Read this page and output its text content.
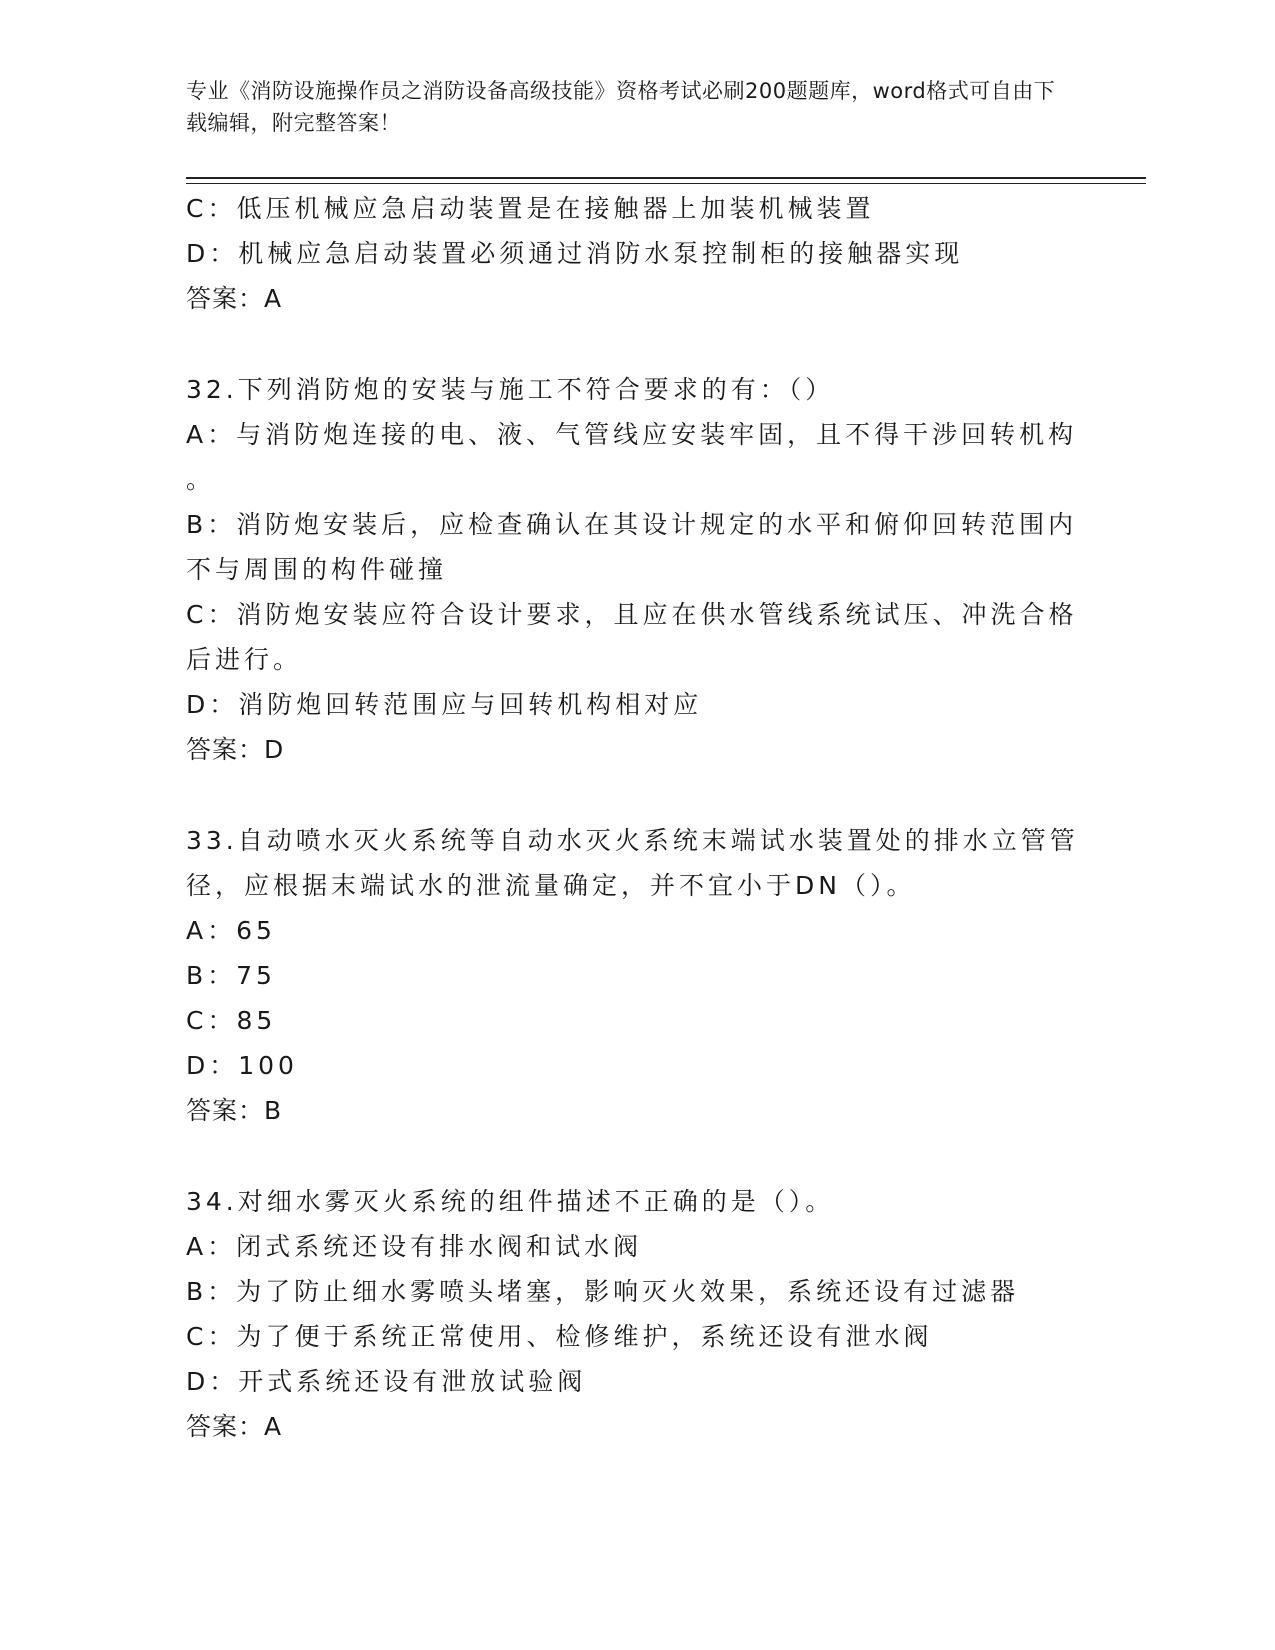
专业《消防设施操作员之消防设备高级技能》资格考试必刷200题题库，word格式可自由下载编辑，附完整答案！
C：低压机械应急启动装置是在接触器上加装机械装置
D：机械应急启动装置必须通过消防水泵控制柜的接触器实现
答案：A
32.下列消防炮的安装与施工不符合要求的有：（）
A：与消防炮连接的电、液、气管线应安装牢固，且不得干涉回转机构
。
B：消防炮安装后，应检查确认在其设计规定的水平和俯仰回转范围内
不与周围的构件碰撞
C：消防炮安装应符合设计要求，且应在供水管线系统试压、冲洗合格
后进行。
D：消防炮回转范围应与回转机构相对应
答案：D
33.自动喷水灭火系统等自动水灭火系统末端试水装置处的排水立管管
径，应根据末端试水的泄流量确定，并不宜小于DN（）。
A：65
B：75
C：85
D：100
答案：B
34.对细水雾灭火系统的组件描述不正确的是（）。
A：闭式系统还设有排水阀和试水阀
B：为了防止细水雾喷头堵塞，影响灭火效果，系统还设有过滤器
C：为了便于系统正常使用、检修维护，系统还设有泄水阀
D：开式系统还设有泄放试验阀
答案：A
